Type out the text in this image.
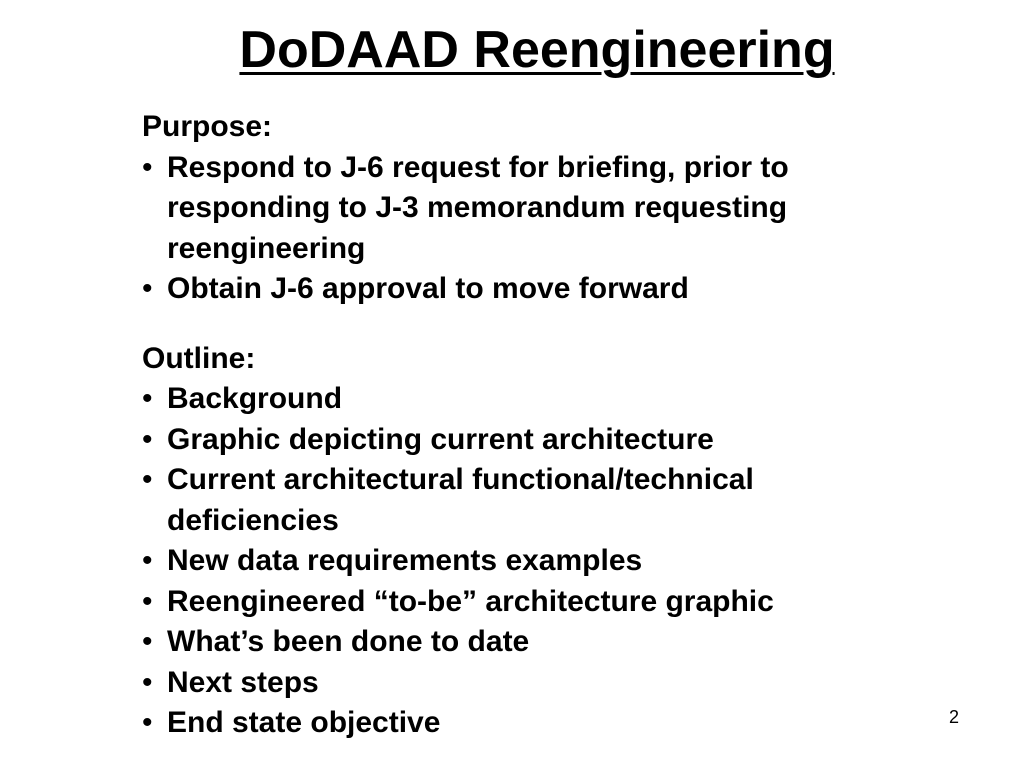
DoDAAD Reengineering
Purpose:
• Respond to J-6 request for briefing, prior to responding to J-3 memorandum requesting reengineering
• Obtain J-6 approval to move forward
Outline:
• Background
• Graphic depicting current architecture
• Current architectural functional/technical deficiencies
• New data requirements examples
• Reengineered “to-be” architecture graphic
• What’s been done to date
• Next steps
• End state objective	2
